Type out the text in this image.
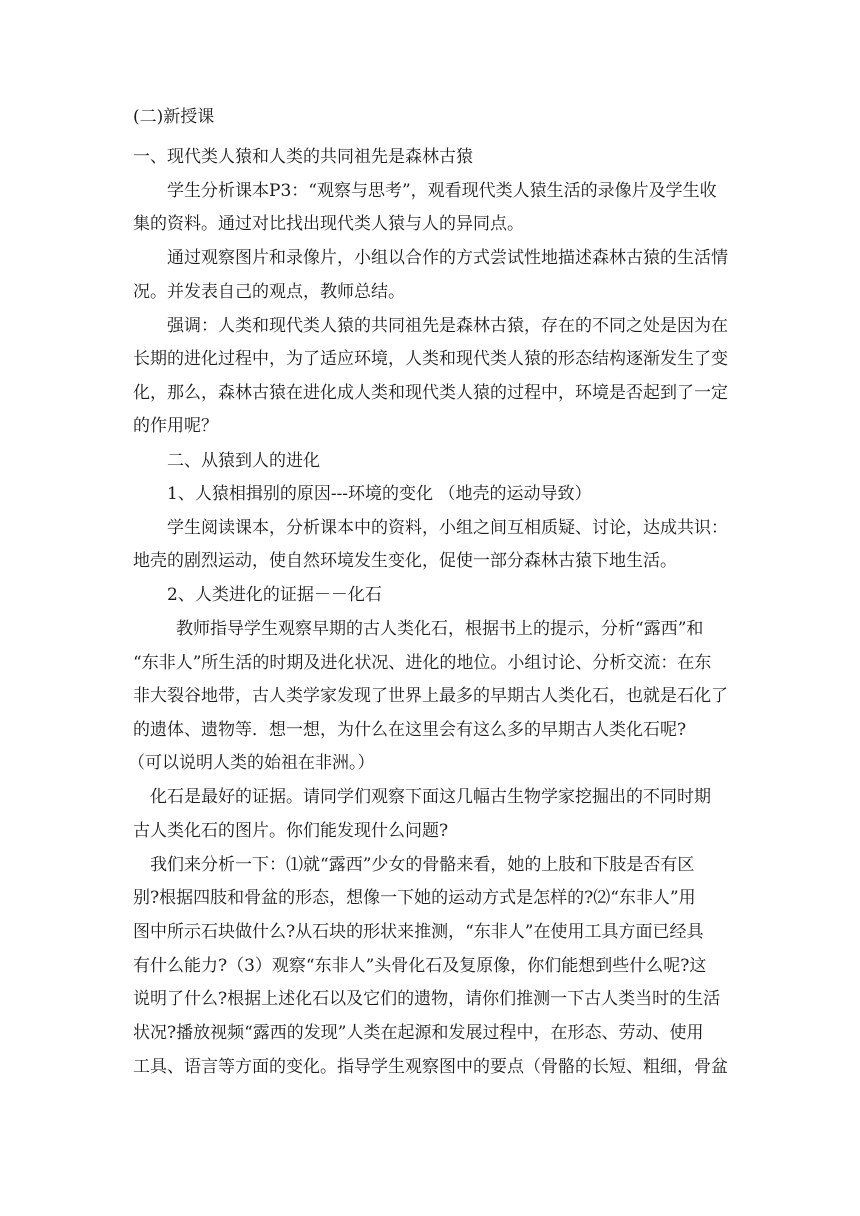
(二)新授课
一、现代类人猿和人类的共同祖先是森林古猿
学生分析课本P3：“观察与思考”，观看现代类人猿生活的录像片及学生收
集的资料。通过对比找出现代类人猿与人的异同点。
通过观察图片和录像片，小组以合作的方式尝试性地描述森林古猿的生活情
况。并发表自己的观点，教师总结。
强调：人类和现代类人猿的共同祖先是森林古猿，存在的不同之处是因为在
长期的进化过程中，为了适应环境，人类和现代类人猿的形态结构逐渐发生了变
化，那么，森林古猿在进化成人类和现代类人猿的过程中，环境是否起到了一定
的作用呢？
二、从猿到人的进化
1、人猿相揖别的原因---环境的变化 （地壳的运动导致）
学生阅读课本，分析课本中的资料，小组之间互相质疑、讨论，达成共识：
地壳的剧烈运动，使自然环境发生变化，促使一部分森林古猿下地生活。
2、人类进化的证据－－化石
教师指导学生观察早期的古人类化石，根据书上的提示，分析“露西”和
“东非人”所生活的时期及进化状况、进化的地位。小组讨论、分析交流：在东
非大裂谷地带，古人类学家发现了世界上最多的早期古人类化石，也就是石化了
的遗体、遗物等．想一想，为什么在这里会有这么多的早期古人类化石呢?
（可以说明人类的始祖在非洲。）
化石是最好的证据。请同学们观察下面这几幅古生物学家挖掘出的不同时期
古人类化石的图片。你们能发现什么问题?
我们来分析一下：⑴就“露西”少女的骨骼来看，她的上肢和下肢是否有区
别?根据四肢和骨盆的形态，想像一下她的运动方式是怎样的?⑵“东非人”用
图中所示石块做什么?从石块的形状来推测，“东非人”在使用工具方面已经具
有什么能力?（3）观察“东非人”头骨化石及复原像，你们能想到些什么呢?这
说明了什么?根据上述化石以及它们的遗物，请你们推测一下古人类当时的生活
状况?播放视频“露西的发现”人类在起源和发展过程中，在形态、劳动、使用
工具、语言等方面的变化。指导学生观察图中的要点（骨骼的长短、粗细，骨盆
